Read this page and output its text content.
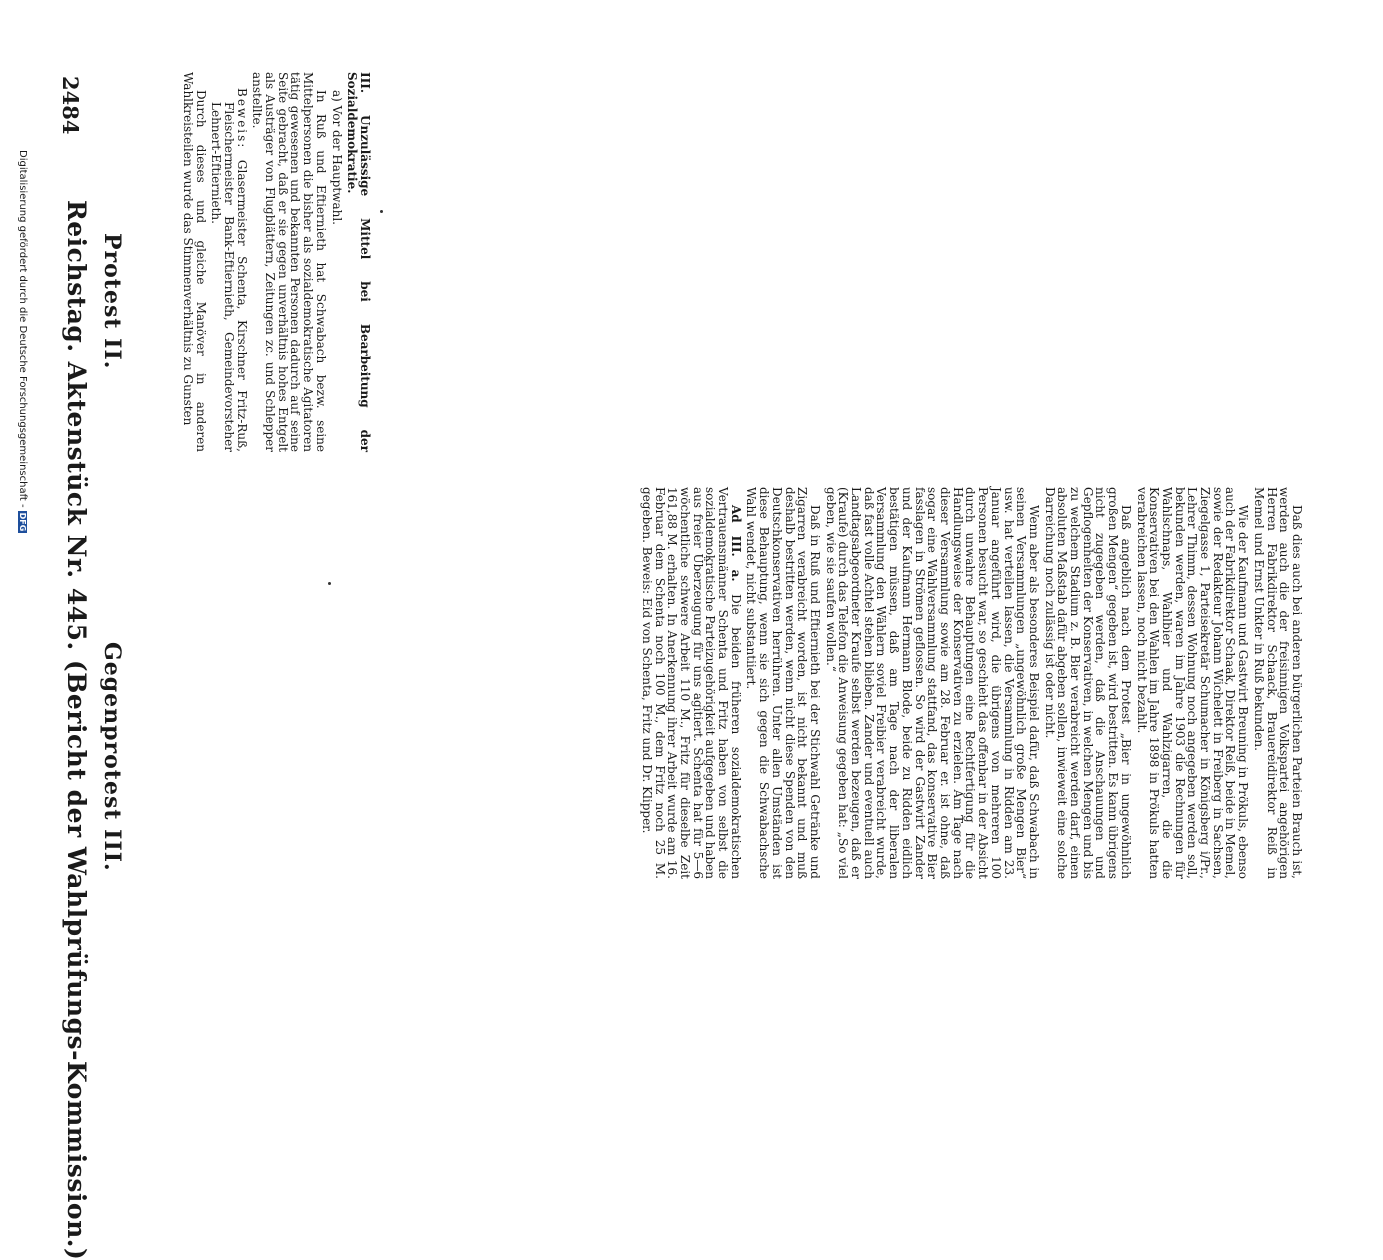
2484
Reichstag. Aktenstück Nr. 445. (Bericht der Wahlprüfungs-Kommission.) Protest II.
Gegenprotest III.

III. Unzulässige Mittel bei Bearbeitung der Sozialdemokratie.

a) Vor der Hauptwahl.

In Ruß und Eftiernieth hat Schwabach bezw. seine Mittelpersonen die bisher als sozialdemokratische Agitatoren tätig gewesenen und bekannten Personen dadurch auf seine Seite gebracht, daß er sie gegen unverhältnis hohes Entgelt als Austräger von Flugblättern, Zeitungen zc. und Schlepper anstellte.

Beweis: Glasermeister Schenta, Kirschner Fritz-Ruß, Fleischermeister Bank-Eftiernieth, Gemeindevorsteher Lehnert-Eftiernieth.

Durch dieses und gleiche Manöver in anderen Wahlkreisteilen wurde das Stimmenverhältnis zu Gunsten

Daß dies auch bei anderen bürgerlichen Parteien Brauch ist, werden auch die der freisinnigen Volkspartei angehörigen Herren Fabrikdirektor Schaack, Brauereidirektor Reiß in Memel und Ernst Unkter in Ruß bekunden.

Wie der Kaufmann und Gastwirt Breuning in Prökuls, ebenso auch der Fabrikdirektor Schaak, Direktor Reiß, beide in Memel, sowie der Redakteur Johann Wichelett in Freiberg in Sachsen, Ziegelgasse 1, Parteisekretär Schumacher in Königsberg i/Pr., Lehrer Thimm, dessen Wohnung noch angegeben werden soll, bekunden werden, waren im Jahre 1903 die Rechnungen für Wahlschnaps, Wahlbier und Wahlzigarren, die die Konservativen bei den Wahlen im Jahre 1898 in Prökuls hatten verabreichen lassen, noch nicht bezahlt.

Daß angeblich nach dem Protest „Bier in ungewöhnlich großen Mengen“ gegeben ist, wird bestritten. Es kann übrigens nicht zugegeben werden, daß die Anschauungen und Gepflogenheiten der Konservativen, in welchen Mengen und bis zu welchem Stadium z. B. Bier verabreicht werden darf, einen absoluten Maßstab dafür abgeben sollen, inwieweit eine solche Darreichung noch zulässig ist oder nicht.

Wenn aber als besonderes Beispiel dafür, daß Schwabach in seinen Versammlungen „ungewöhnlich große Mengen Bier“ usw. hat verteilen lassen, die Versammlung in Ridden am 23. Januar angeführt wird, die übrigens von mehreren 100 Personen besucht war, so geschieht das offenbar in der Absicht durch unwahre Behauptungen eine Rechtfertigung für die Handlungsweise der Konservativen zu erzielen. Am Tage nach dieser Versammlung sowie am 28. Februar er. ist ohne, daß sogar eine Wahlversammlung stattfand, das konservative Bier fasslagen in Strömen geflossen. So wird der Gastwirt Zander und der Kaufmann Hermann Blode, beide zu Ridden eidlich bestätigen müssen, daß am Tage nach der liberalen Versammlung den Wählern soviel Freibier verabreicht wurde, daß fast volle Achtel stehen blieben. Zander und eventuell auch Landtagsabgeordneter Kraufe selbst werden bezeugen, daß er (Kraufe) durch das Telefon die Anweisung gegeben hat: „So viel geben, wie sie saufen wollen.“

Daß in Ruß und Eftiernieth bei der Stichwahl Getränke und Zigarren verabreicht worden, ist nicht bekannt und muß deshalb bestritten werden, wenn nicht diese Spenden von den Deutschkonservativen herrühren. Unter allen Umständen ist diese Behauptung, wenn sie sich gegen die Schwabachsche Wahl wendet, nicht substantiiert.

Ad III. a. Die beiden früheren sozialdemokratischen Vertrauensmänner Schenta und Fritz haben von selbst die sozialdemokratische Parteizugehörigkeit aufgegeben und haben aus freier Überzeugung für uns agitiert. Schenta hat für 5—6 wöchentliche schwere Arbeit 110 M., Fritz für dieselbe Zeit 161,88 M. erhalten. In Anerkennung ihrer Arbeit wurde am 16. Februar dem Schenta noch 100 M., dem Fritz noch 25 M. gegeben. Beweis: Eid von Schenta, Fritz und Dr. Klipper.

Digitalisierung gefördert durch die Deutsche Forschungsgemeinschaft -DFG
